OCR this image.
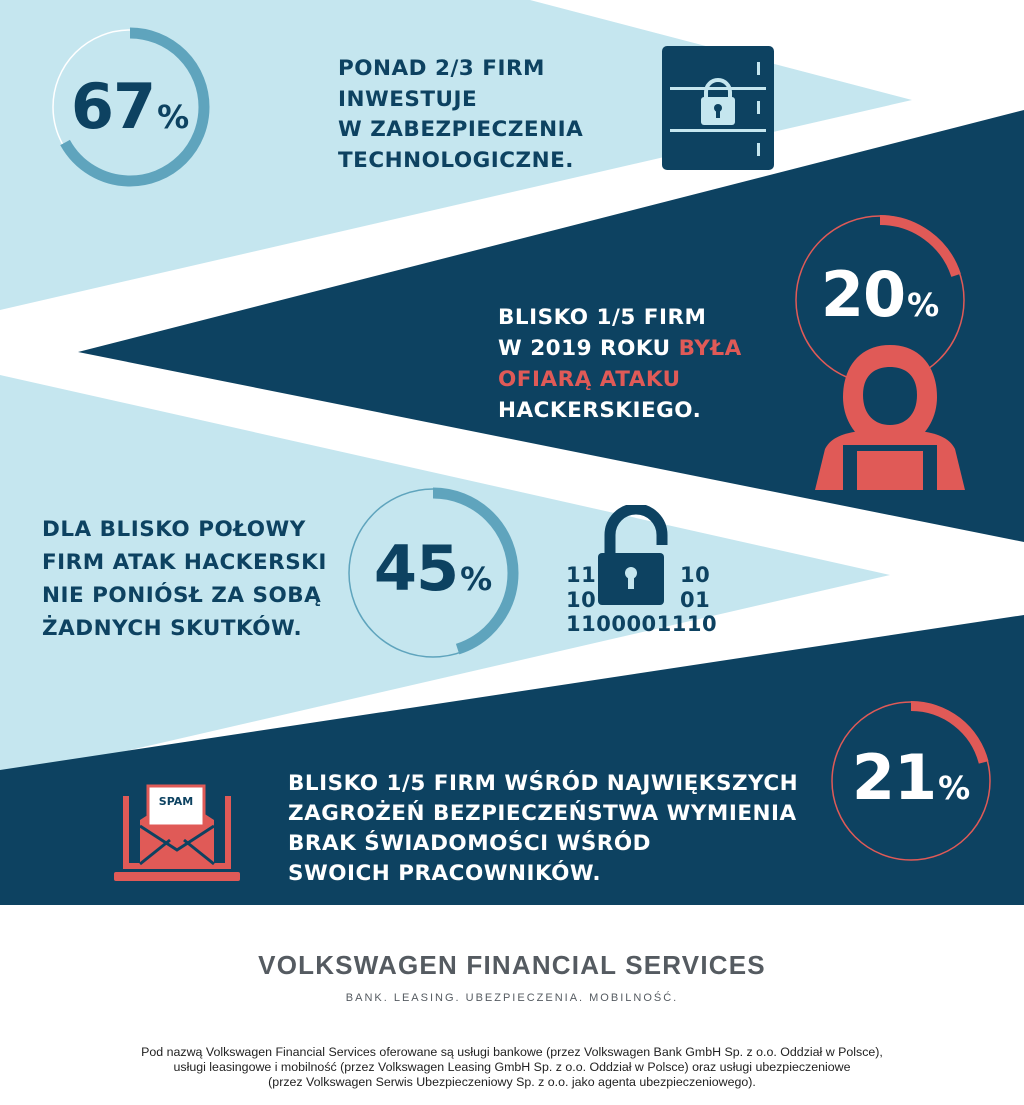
67 %
PONAD 2/3 FIRM
INWESTUJE
W ZABEZPIECZENIA
TECHNOLOGICZNE.
20 %
BLISKO 1/5 FIRM
W 2019 ROKU BYŁA
OFIARĄ ATAKU
HACKERSKIEGO.
45 %
DLA BLISKO POŁOWY
FIRM ATAK HACKERSKI
NIE PONIÓSŁ ZA SOBĄ
ŻADNYCH SKUTKÓW.
11	10
10	01
1100001110
21 %
BLISKO 1/5 FIRM WŚRÓD NAJWIĘKSZYCH
ZAGROŻEŃ BEZPIECZEŃSTWA WYMIENIA
BRAK ŚWIADOMOŚCI WŚRÓD
SWOICH PRACOWNIKÓW.
SPAM
VOLKSWAGEN FINANCIAL SERVICES
BANK. LEASING. UBEZPIECZENIA. MOBILNOŚĆ.
Pod nazwą Volkswagen Financial Services oferowane są usługi bankowe (przez Volkswagen Bank GmbH Sp. z o.o. Oddział w Polsce),
usługi leasingowe i mobilność (przez Volkswagen Leasing GmbH Sp. z o.o. Oddział w Polsce) oraz usługi ubezpieczeniowe
(przez Volkswagen Serwis Ubezpieczeniowy Sp. z o.o. jako agenta ubezpieczeniowego).
